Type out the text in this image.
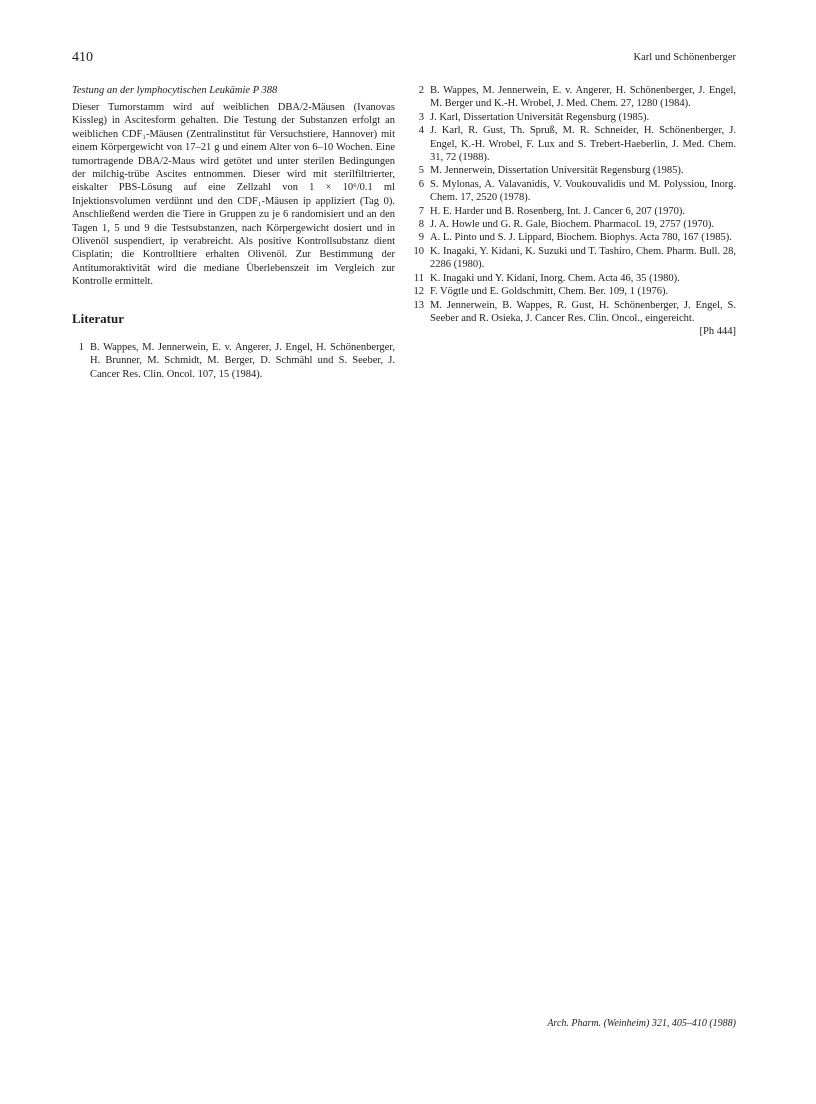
410	Karl und Schönenberger

Testung an der lymphocytischen Leukämie P 388

Dieser Tumorstamm wird auf weiblichen DBA/2-Mäusen (Ivanovas Kissleg) in Ascitesform gehalten. Die Testung der Substanzen erfolgt an weiblichen CDF₁-Mäusen (Zentralinstitut für Versuchstiere, Hannover) mit einem Körpergewicht von 17–21 g und einem Alter von 6–10 Wochen. Eine tumortragende DBA/2-Maus wird getötet und unter sterilen Bedingungen der milchig-trübe Ascites entnommen. Dieser wird mit sterilfiltrierter, eiskalter PBS-Lösung auf eine Zellzahl von 1 × 10⁶/0.1 ml Injektionsvolumen verdünnt und den CDF₁-Mäusen ip appliziert (Tag 0). Anschließend werden die Tiere in Gruppen zu je 6 randomisiert und an den Tagen 1, 5 und 9 die Testsubstanzen, nach Körpergewicht dosiert und in Olivenöl suspendiert, ip verabreicht. Als positive Kontrollsubstanz dient Cisplatin; die Kontrolltiere erhalten Olivenöl. Zur Bestimmung der Antitumoraktivität wird die mediane Überlebenszeit im Vergleich zur Kontrolle ermittelt.

Literatur
1 B. Wappes, M. Jennerwein, E. v. Angerer, J. Engel, H. Schönenberger, H. Brunner, M. Schmidt, M. Berger, D. Schmähl und S. Seeber, J. Cancer Res. Clin. Oncol. 107, 15 (1984).
2 B. Wappes, M. Jennerwein, E. v. Angerer, H. Schönenberger, J. Engel, M. Berger und K.-H. Wrobel, J. Med. Chem. 27, 1280 (1984).
3 J. Karl, Dissertation Universität Regensburg (1985).
4 J. Karl, R. Gust, Th. Spruß, M. R. Schneider, H. Schönenberger, J. Engel, K.-H. Wrobel, F. Lux and S. Trebert-Haeberlin, J. Med. Chem. 31, 72 (1988).
5 M. Jennerwein, Dissertation Universität Regensburg (1985).
6 S. Mylonas, A. Valavanidis, V. Voukouvalidis und M. Polyssiou, Inorg. Chem. 17, 2520 (1978).
7 H. E. Harder und B. Rosenberg, Int. J. Cancer 6, 207 (1970).
8 J. A. Howle und G. R. Gale, Biochem. Pharmacol. 19, 2757 (1970).
9 A. L. Pinto und S. J. Lippard, Biochem. Biophys. Acta 780, 167 (1985).
10 K. Inagaki, Y. Kidani, K. Suzuki und T. Tashiro, Chem. Pharm. Bull. 28, 2286 (1980).
11 K. Inagaki und Y. Kidani, Inorg. Chem. Acta 46, 35 (1980).
12 F. Vögtle und E. Goldschmitt, Chem. Ber. 109, 1 (1976).
13 M. Jennerwein, B. Wappes, R. Gust, H. Schönenberger, J. Engel, S. Seeber and R. Osieka, J. Cancer Res. Clin. Oncol., eingereicht.
[Ph 444]
Arch. Pharm. (Weinheim) 321, 405–410 (1988)
